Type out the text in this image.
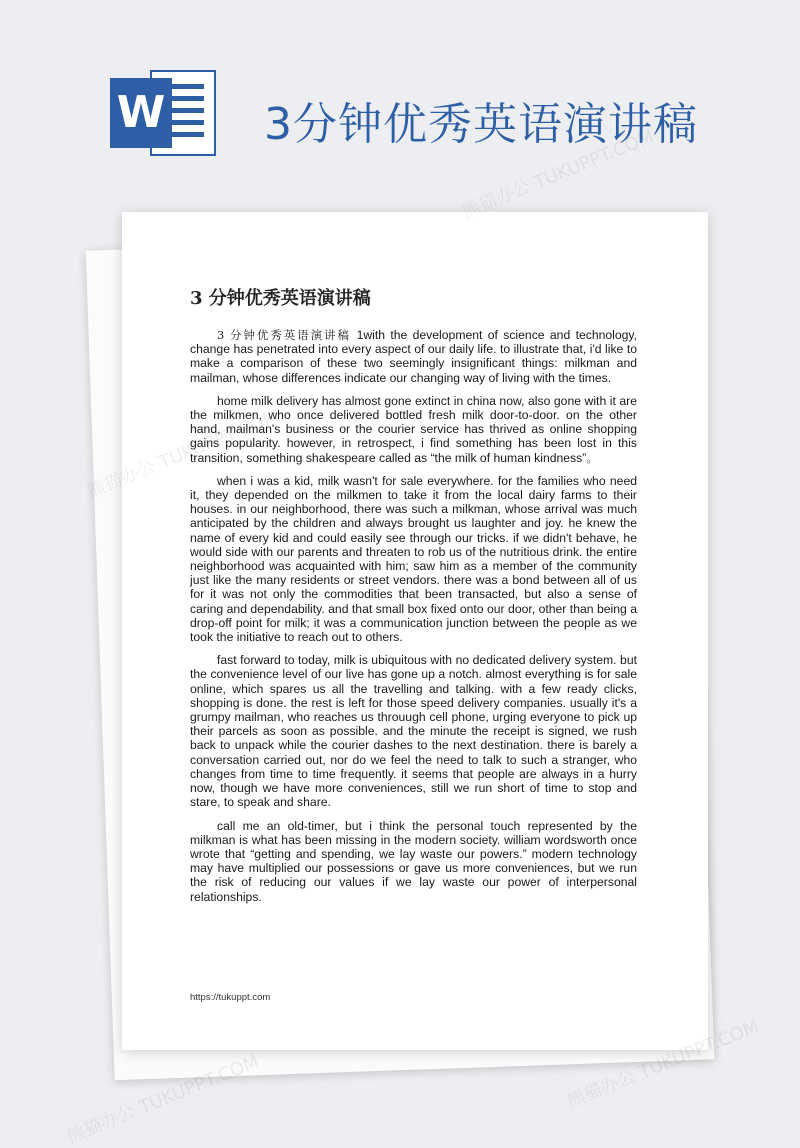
W 3分钟优秀英语演讲稿
3 分钟优秀英语演讲稿

3 分钟优秀英语演讲稿 1with the development of science and technology, change has penetrated into every aspect of our daily life. to illustrate that, i'd like to make a comparison of these two seemingly insignificant things: milkman and mailman, whose differences indicate our changing way of living with the times.

home milk delivery has almost gone extinct in china now, also gone with it are the milkmen, who once delivered bottled fresh milk door-to-door. on the other hand, mailman's business or the courier service has thrived as online shopping gains popularity. however, in retrospect, i find something has been lost in this transition, something shakespeare called as “the milk of human kindness”。

when i was a kid, milk wasn't for sale everywhere. for the families who need it, they depended on the milkmen to take it from the local dairy farms to their houses. in our neighborhood, there was such a milkman, whose arrival was much anticipated by the children and always brought us laughter and joy. he knew the name of every kid and could easily see through our tricks. if we didn't behave, he would side with our parents and threaten to rob us of the nutritious drink. the entire neighborhood was acquainted with him; saw him as a member of the community just like the many residents or street vendors. there was a bond between all of us for it was not only the commodities that been transacted, but also a sense of caring and dependability. and that small box fixed onto our door, other than being a drop-off point for milk; it was a communication junction between the people as we took the initiative to reach out to others.

fast forward to today, milk is ubiquitous with no dedicated delivery system. but the convenience level of our live has gone up a notch. almost everything is for sale online, which spares us all the travelling and talking. with a few ready clicks, shopping is done. the rest is left for those speed delivery companies. usually it's a grumpy mailman, who reaches us throuugh cell phone, urging everyone to pick up their parcels as soon as possible. and the minute the receipt is signed, we rush back to unpack while the courier dashes to the next destination. there is barely a conversation carried out, nor do we feel the need to talk to such a stranger, who changes from time to time frequently. it seems that people are always in a hurry now, though we have more conveniences, still we run short of time to stop and stare, to speak and share.

call me an old-timer, but i think the personal touch represented by the milkman is what has been missing in the modern society. william wordsworth once wrote that “getting and spending, we lay waste our powers.” modern technology may have multiplied our possessions or gave us more conveniences, but we run the risk of reducing our values if we lay waste our power of interpersonal relationships.

https://tukuppt.com
熊猫办公 TUKUPPT.COM
熊猫办公 TUKUPPT.COM
熊猫办公 TUKUPPT.COM
